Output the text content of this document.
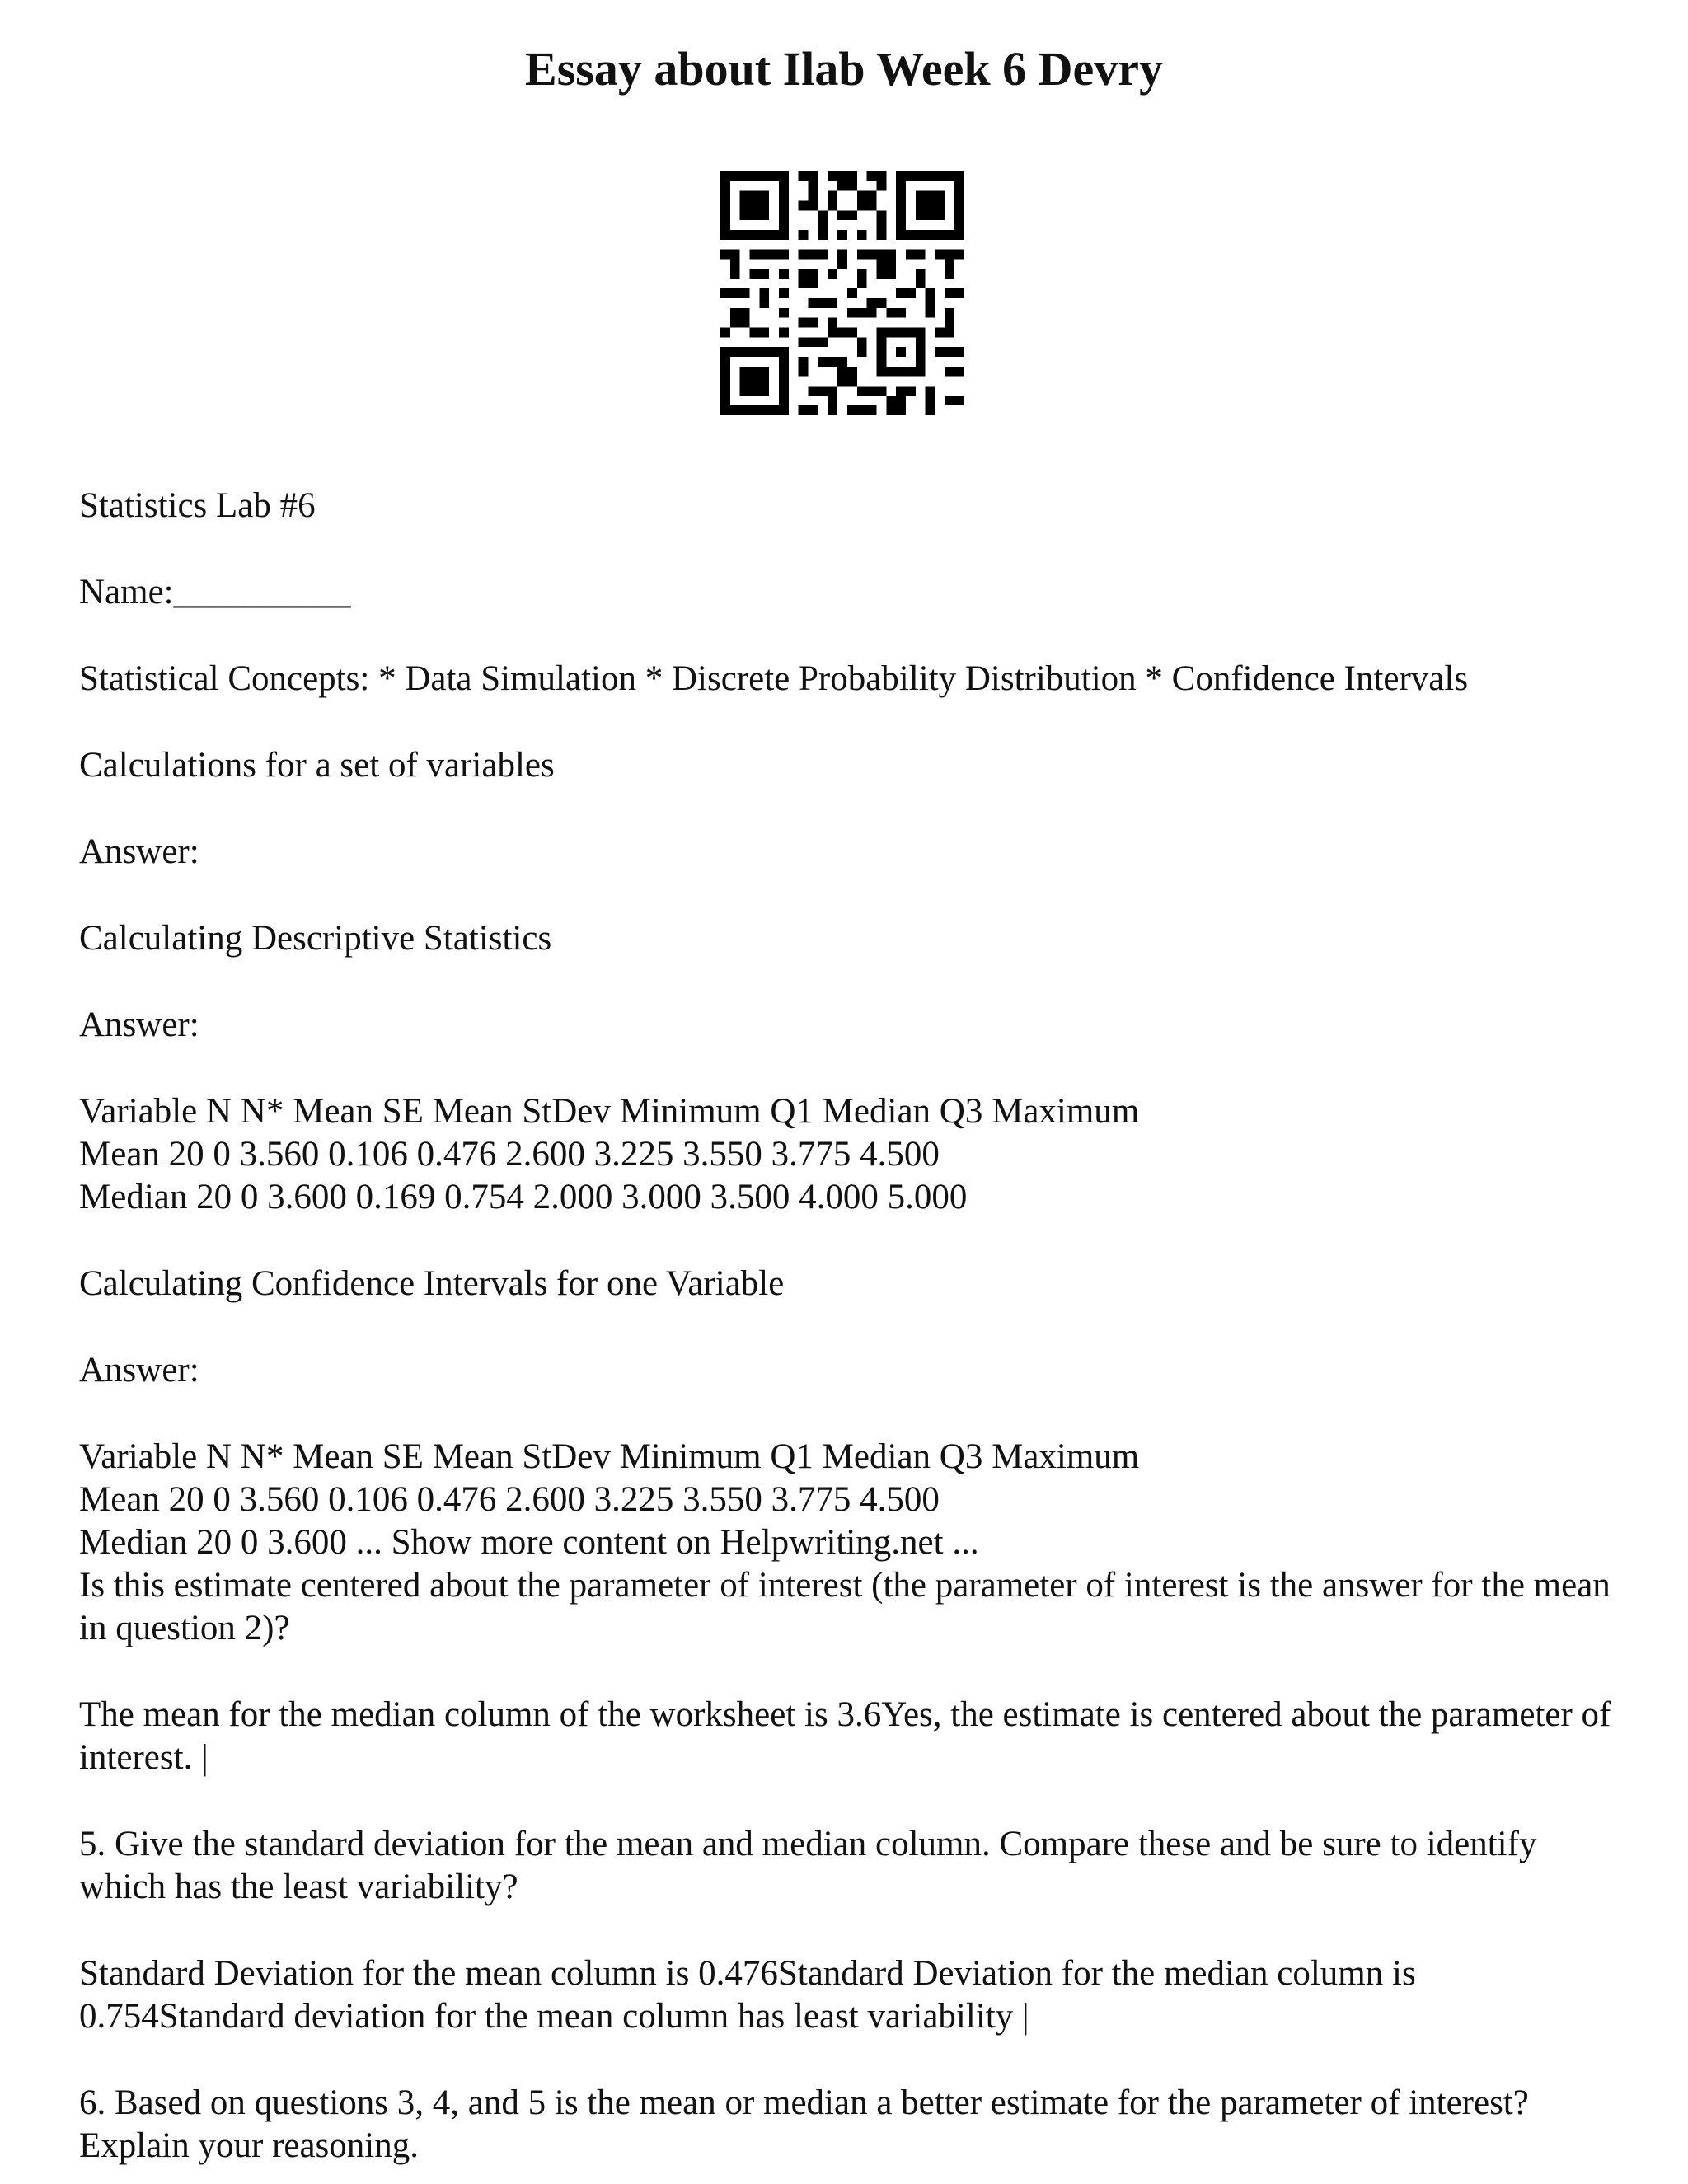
Essay about Ilab Week 6 Devry

Statistics Lab #6

Name:__________

Statistical Concepts: * Data Simulation * Discrete Probability Distribution * Confidence Intervals

Calculations for a set of variables

Answer:

Calculating Descriptive Statistics

Answer:

Variable N N* Mean SE Mean StDev Minimum Q1 Median Q3 Maximum

Mean 20 0 3.560 0.106 0.476 2.600 3.225 3.550 3.775 4.500

Median 20 0 3.600 0.169 0.754 2.000 3.000 3.500 4.000 5.000

Calculating Confidence Intervals for one Variable

Answer:

Variable N N* Mean SE Mean StDev Minimum Q1 Median Q3 Maximum

Mean 20 0 3.560 0.106 0.476 2.600 3.225 3.550 3.775 4.500

Median 20 0 3.600 ... Show more content on Helpwriting.net ...

Is this estimate centered about the parameter of interest (the parameter of interest is the answer for the mean in question 2)?

The mean for the median column of the worksheet is 3.6Yes, the estimate is centered about the parameter of interest. |

5. Give the standard deviation for the mean and median column. Compare these and be sure to identify which has the least variability?

Standard Deviation for the mean column is 0.476Standard Deviation for the median column is 0.754Standard deviation for the mean column has least variability |

6. Based on questions 3, 4, and 5 is the mean or median a better estimate for the parameter of interest? Explain your reasoning.
